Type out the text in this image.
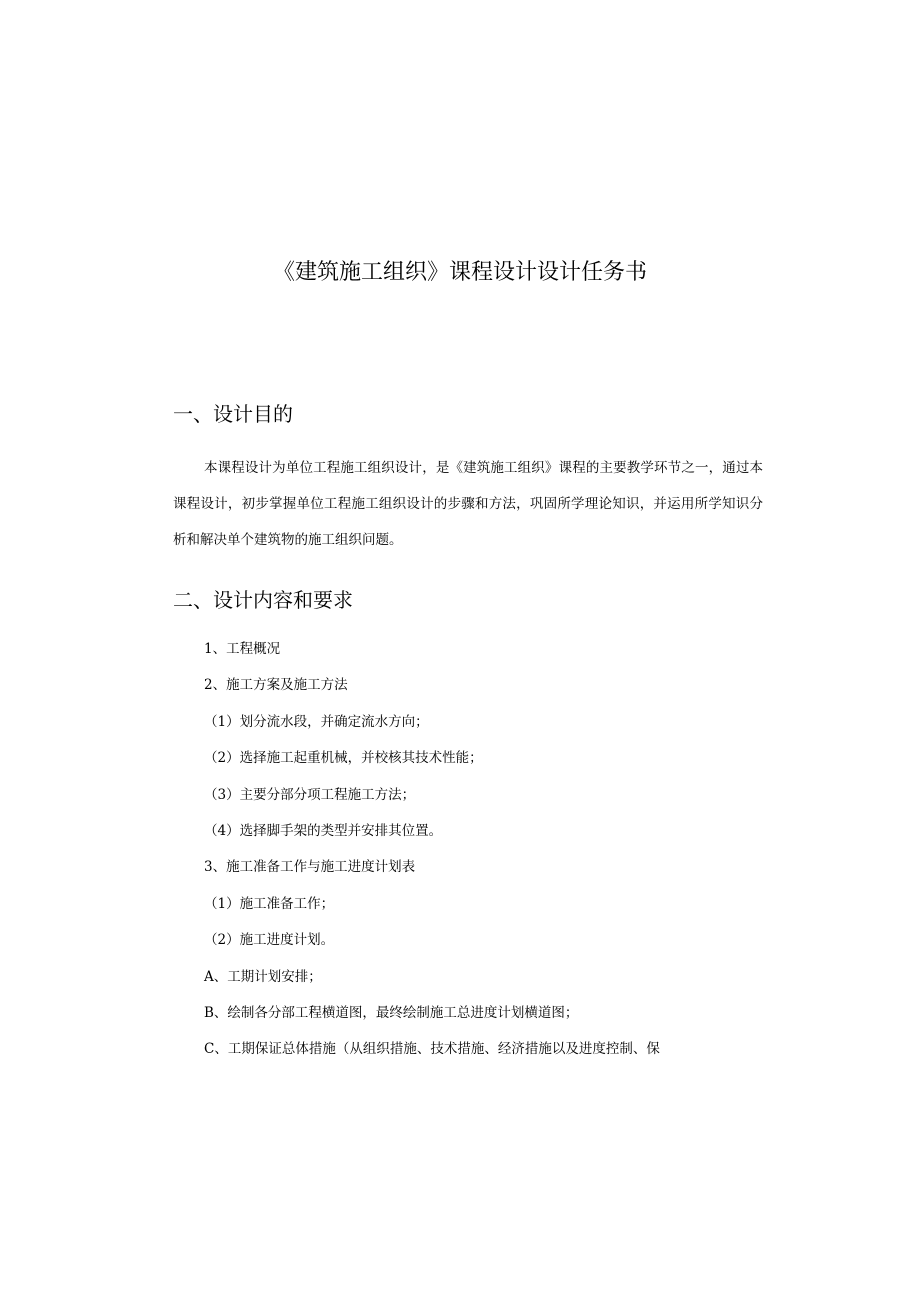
《建筑施工组织》课程设计设计任务书
一、设计目的

本课程设计为单位工程施工组织设计，是《建筑施工组织》课程的主要教学环节之一，通过本课程设计，初步掌握单位工程施工组织设计的步骤和方法，巩固所学理论知识，并运用所学知识分析和解决单个建筑物的施工组织问题。

二、设计内容和要求
1、工程概况
2、施工方案及施工方法
（1）划分流水段，并确定流水方向；
（2）选择施工起重机械，并校核其技术性能；
（3）主要分部分项工程施工方法；
（4）选择脚手架的类型并安排其位置。
3、施工准备工作与施工进度计划表
（1）施工准备工作；
（2）施工进度计划。
A、工期计划安排；
B、绘制各分部工程横道图，最终绘制施工总进度计划横道图；
C、工期保证总体措施（从组织措施、技术措施、经济措施以及进度控制、保
